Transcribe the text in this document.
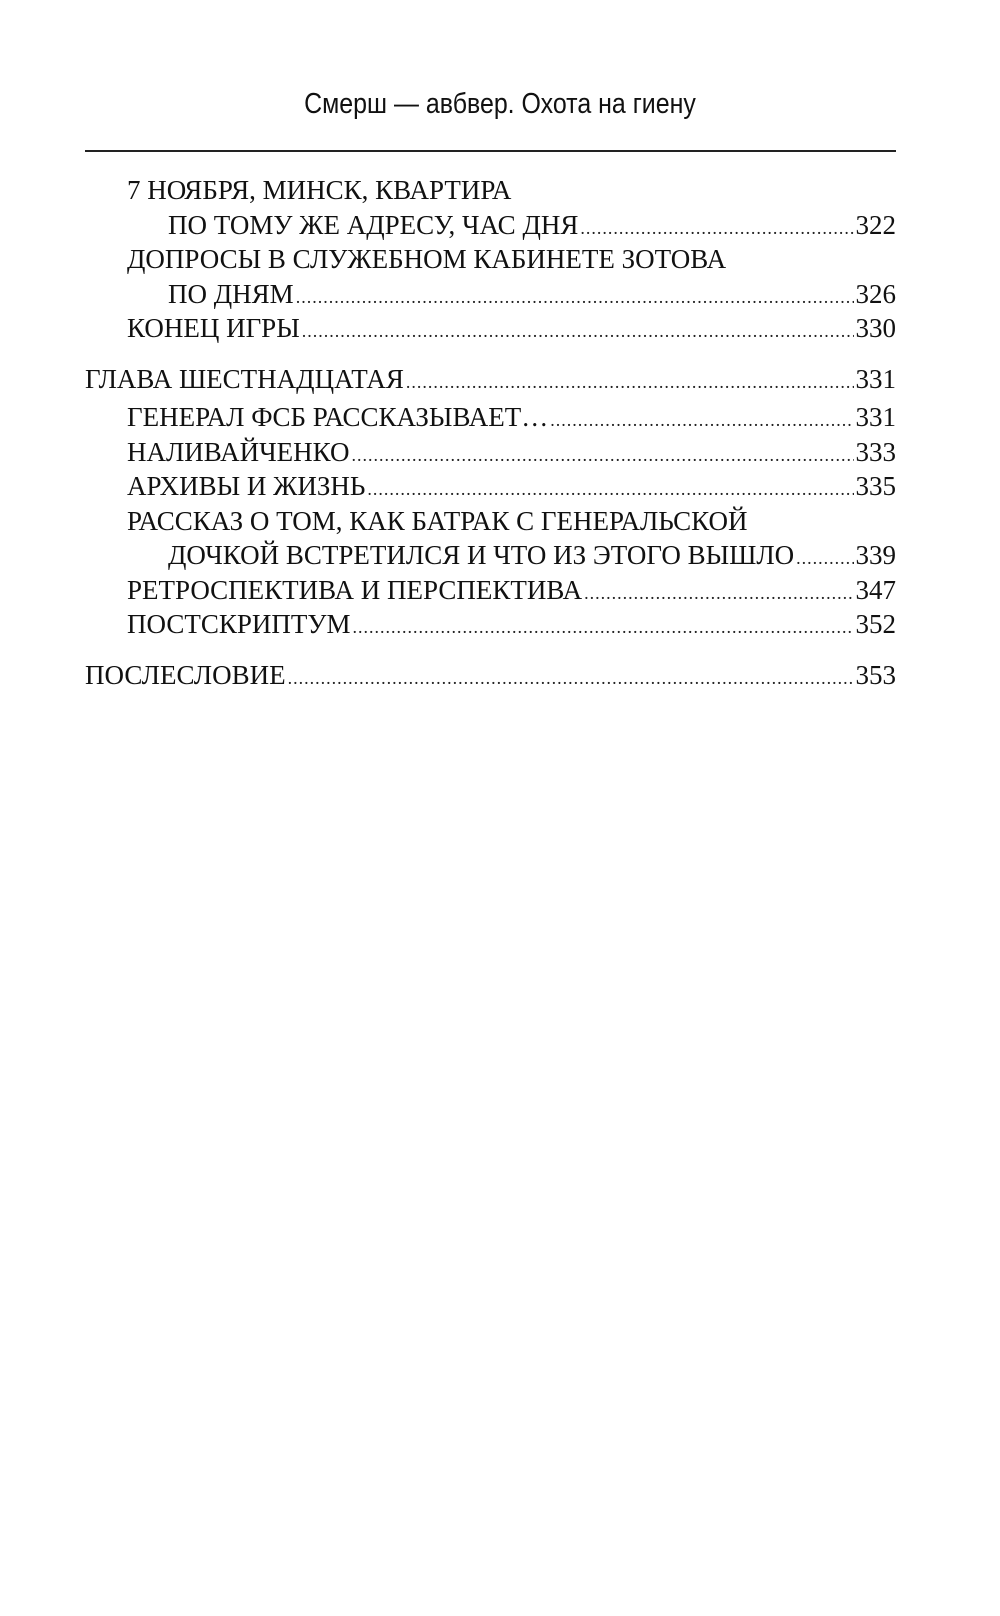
Смерш — авбвер. Охота на гиену
7 НОЯБРЯ, МИНСК, КВАРТИРА
ПО ТОМУ ЖЕ АДРЕСУ, ЧАС ДНЯ .....	322
ДОПРОСЫ В СЛУЖЕБНОМ КАБИНЕТЕ ЗОТОВА
ПО ДНЯМ .....	326
КОНЕЦ ИГРЫ .....	330
ГЛАВА ШЕСТНАДЦАТАЯ .....	331
ГЕНЕРАЛ ФСБ РАССКАЗЫВАЕТ… .....	331
НАЛИВАЙЧЕНКО .....	333
АРХИВЫ И ЖИЗНЬ .....	335
РАССКАЗ О ТОМ, КАК БАТРАК С ГЕНЕРАЛЬСКОЙ
ДОЧКОЙ ВСТРЕТИЛСЯ И ЧТО ИЗ ЭТОГО ВЫШЛО ..... 339
РЕТРОСПЕКТИВА И ПЕРСПЕКТИВА .....	347
ПОСТСКРИПТУМ .....	352
ПОСЛЕСЛОВИЕ .....	353
